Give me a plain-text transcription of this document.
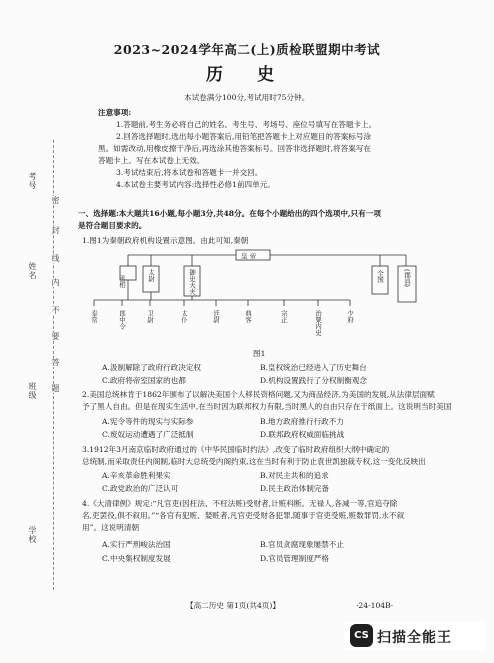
考号
姓名
班级
学校
密
封
线
内
不
要
答
题
2023~2024学年高二(上)质检联盟期中考试
历 史
本试卷满分100分,考试用时75分钟。
注意事项:
1.答题前,考生务必将自己的姓名、考生号、考场号、座位号填写在答题卡上。
2.回答选择题时,选出每小题答案后,用铅笔把答题卡上对应题目的答案标号涂
黑。如需改动,用橡皮擦干净后,再选涂其他答案标号。回答非选择题时,将答案写在
答题卡上。写在本试卷上无效。
3.考试结束后,将本试卷和答题卡一并交回。
4.本试卷主要考试内容:选择性必修1前四单元。
一、选择题:本大题共16小题,每小题3分,共48分。在每个小题给出的四个选项中,只有一项
是符合题目要求的。
1.图1为秦朝政府机构设置示意图。由此可知,秦朝
皇 帝
丞相	太尉	御史大夫	全国	(郡县)
奉常	郎中令	卫尉	太仆	廷尉	典客	宗正	治粟内史	少府
图1
A.汲制解除了政府行政决定权	B.皇权统治已经进入了历史舞台
C.政府将帝室国家的也都	D.机构设置践行了分权制衡观念
2.美国总统林肯于1862年颁布了以解决美国个人移民资格问题,又为商品经济,为美国的发展,从法律层面赋
予了黑人自由。但是在现实生活中,在当时因为联邦权力有限,当时黑人的自由只存在于纸面上。这说明当时美国
A.宪令等件的现实与实际参	B.地方政府推行行政不力
C.废奴运动遭遇了广泛抵制	D.联邦政府权威面临挑战
3.1912年3月南京临时政府通过的《中华民国临时约法》,改变了临时政府组织大纲中确定的
总统制,而采取责任内阁制,临时大总统受内阁约束,这在当时有利于防止袁世凯独裁专权,这一变化反映出
A.辛亥革命胜利果实	B.对民主共和的追求
C.政党政治的广泛认可	D.民主政治体制完备
4.《大清律例》规定:“凡官吏(因枉法、不枉法赃)受财者,计赃科断。无禄人,各减一等,官追夺除
名,吏罢役,俱不叙用。”“各官有犯赃、婪赃者,凡官吏受财各犯罪,随事于官吏受赃,赃数罪罚,永不叙
用”。这说明清朝
A.实行严刑峻法治国	B.官员贪腐现象屡禁不止
C.中央集权制度发展	D.官员管理制度严格
【高二历史 第1页(共4页)】	·24-104B·
CS 扫描全能王
